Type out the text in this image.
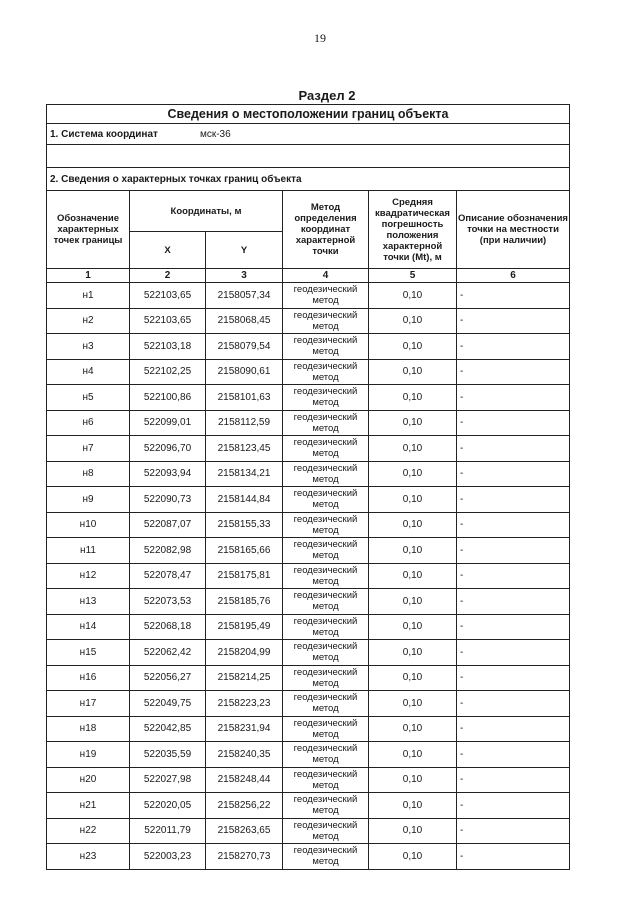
19
Раздел 2
Сведения о местоположении границ объекта					
1. Система координат мск-36					

2. Сведения о характерных точках границ объекта					
Обозначение характерных точек границы	Координаты, м		Метод определения координат характерной точки	Средняя квадратическая погрешность положения характерной точки (Mt), м	Описание обозначения точки на местности (при наличии)
	X	Y			
1	2	3	4	5	6
н1	522103,65	2158057,34	геодезический метод	0,10	-
н2	522103,65	2158068,45	геодезический метод	0,10	-
н3	522103,18	2158079,54	геодезический метод	0,10	-
н4	522102,25	2158090,61	геодезический метод	0,10	-
н5	522100,86	2158101,63	геодезический метод	0,10	-
н6	522099,01	2158112,59	геодезический метод	0,10	-
н7	522096,70	2158123,45	геодезический метод	0,10	-
н8	522093,94	2158134,21	геодезический метод	0,10	-
н9	522090,73	2158144,84	геодезический метод	0,10	-
н10	522087,07	2158155,33	геодезический метод	0,10	-
н11	522082,98	2158165,66	геодезический метод	0,10	-
н12	522078,47	2158175,81	геодезический метод	0,10	-
н13	522073,53	2158185,76	геодезический метод	0,10	-
н14	522068,18	2158195,49	геодезический метод	0,10	-
н15	522062,42	2158204,99	геодезический метод	0,10	-
н16	522056,27	2158214,25	геодезический метод	0,10	-
н17	522049,75	2158223,23	геодезический метод	0,10	-
н18	522042,85	2158231,94	геодезический метод	0,10	-
н19	522035,59	2158240,35	геодезический метод	0,10	-
н20	522027,98	2158248,44	геодезический метод	0,10	-
н21	522020,05	2158256,22	геодезический метод	0,10	-
н22	522011,79	2158263,65	геодезический метод	0,10	-
н23	522003,23	2158270,73	геодезический метод	0,10	-
